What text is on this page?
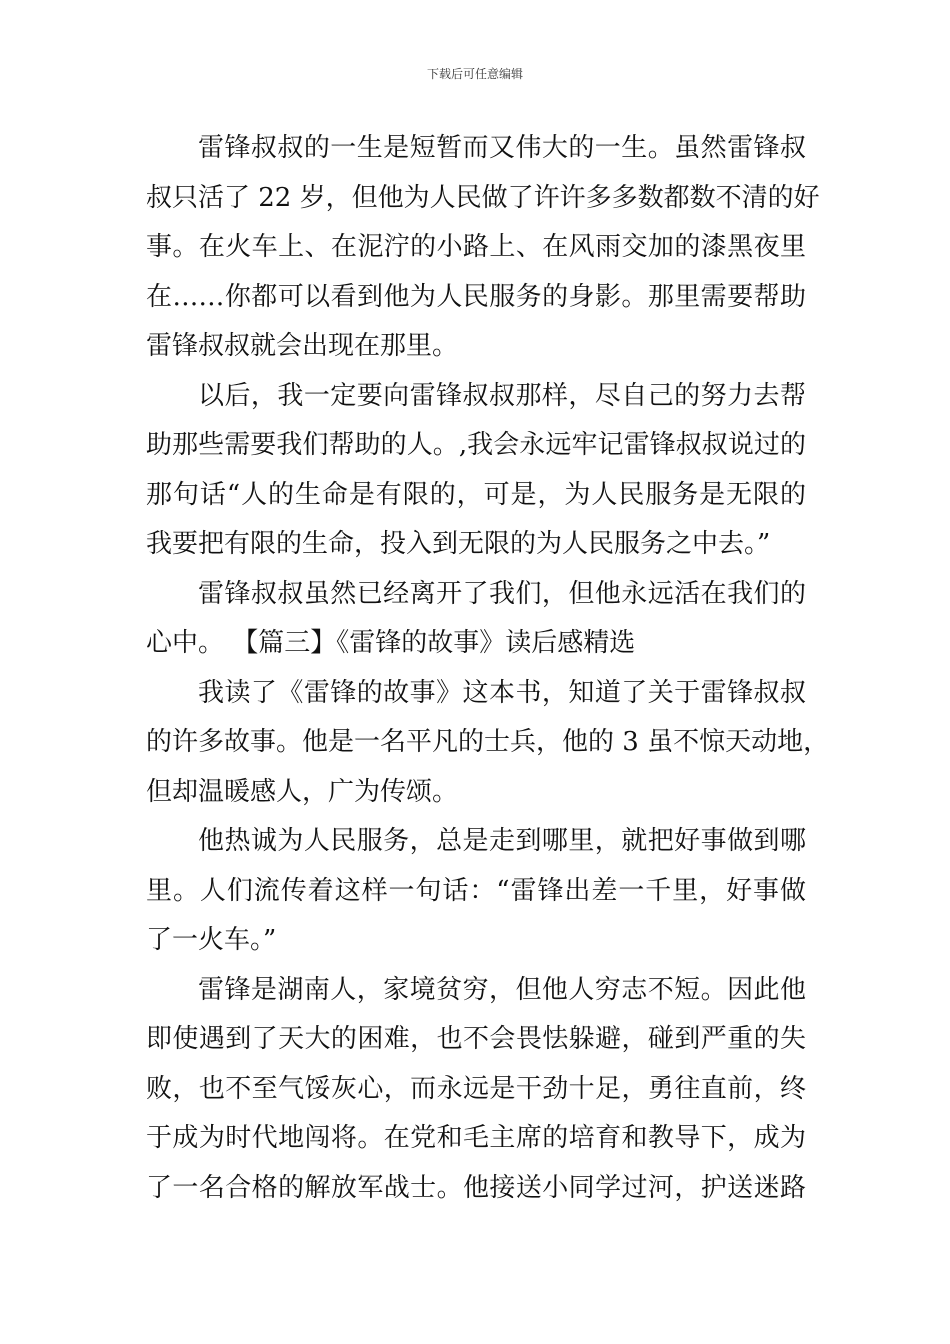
下载后可任意编辑
雷锋叔叔的一生是短暂而又伟大的一生。虽然雷锋叔
叔只活了 22 岁，但他为人民做了许许多多数都数不清的好
事。在火车上、在泥泞的小路上、在风雨交加的漆黑夜里
在……你都可以看到他为人民服务的身影。那里需要帮助
雷锋叔叔就会出现在那里。
以后，我一定要向雷锋叔叔那样，尽自己的努力去帮
助那些需要我们帮助的人。,我会永远牢记雷锋叔叔说过的
那句话“人的生命是有限的，可是，为人民服务是无限的
我要把有限的生命，投入到无限的为人民服务之中去。”
雷锋叔叔虽然已经离开了我们，但他永远活在我们的
心中。 【篇三】《雷锋的故事》读后感精选
我读了《雷锋的故事》这本书，知道了关于雷锋叔叔
的许多故事。他是一名平凡的士兵，他的 3 虽不惊天动地，
但却温暖感人，广为传颂。
他热诚为人民服务，总是走到哪里，就把好事做到哪
里。人们流传着这样一句话：“雷锋出差一千里，好事做
了一火车。”
雷锋是湖南人，家境贫穷，但他人穷志不短。因此他
即使遇到了天大的困难，也不会畏怯躲避，碰到严重的失
败，也不至气馁灰心，而永远是干劲十足，勇往直前，终
于成为时代地闯将。在党和毛主席的培育和教导下，成为
了一名合格的解放军战士。他接送小同学过河，护送迷路
